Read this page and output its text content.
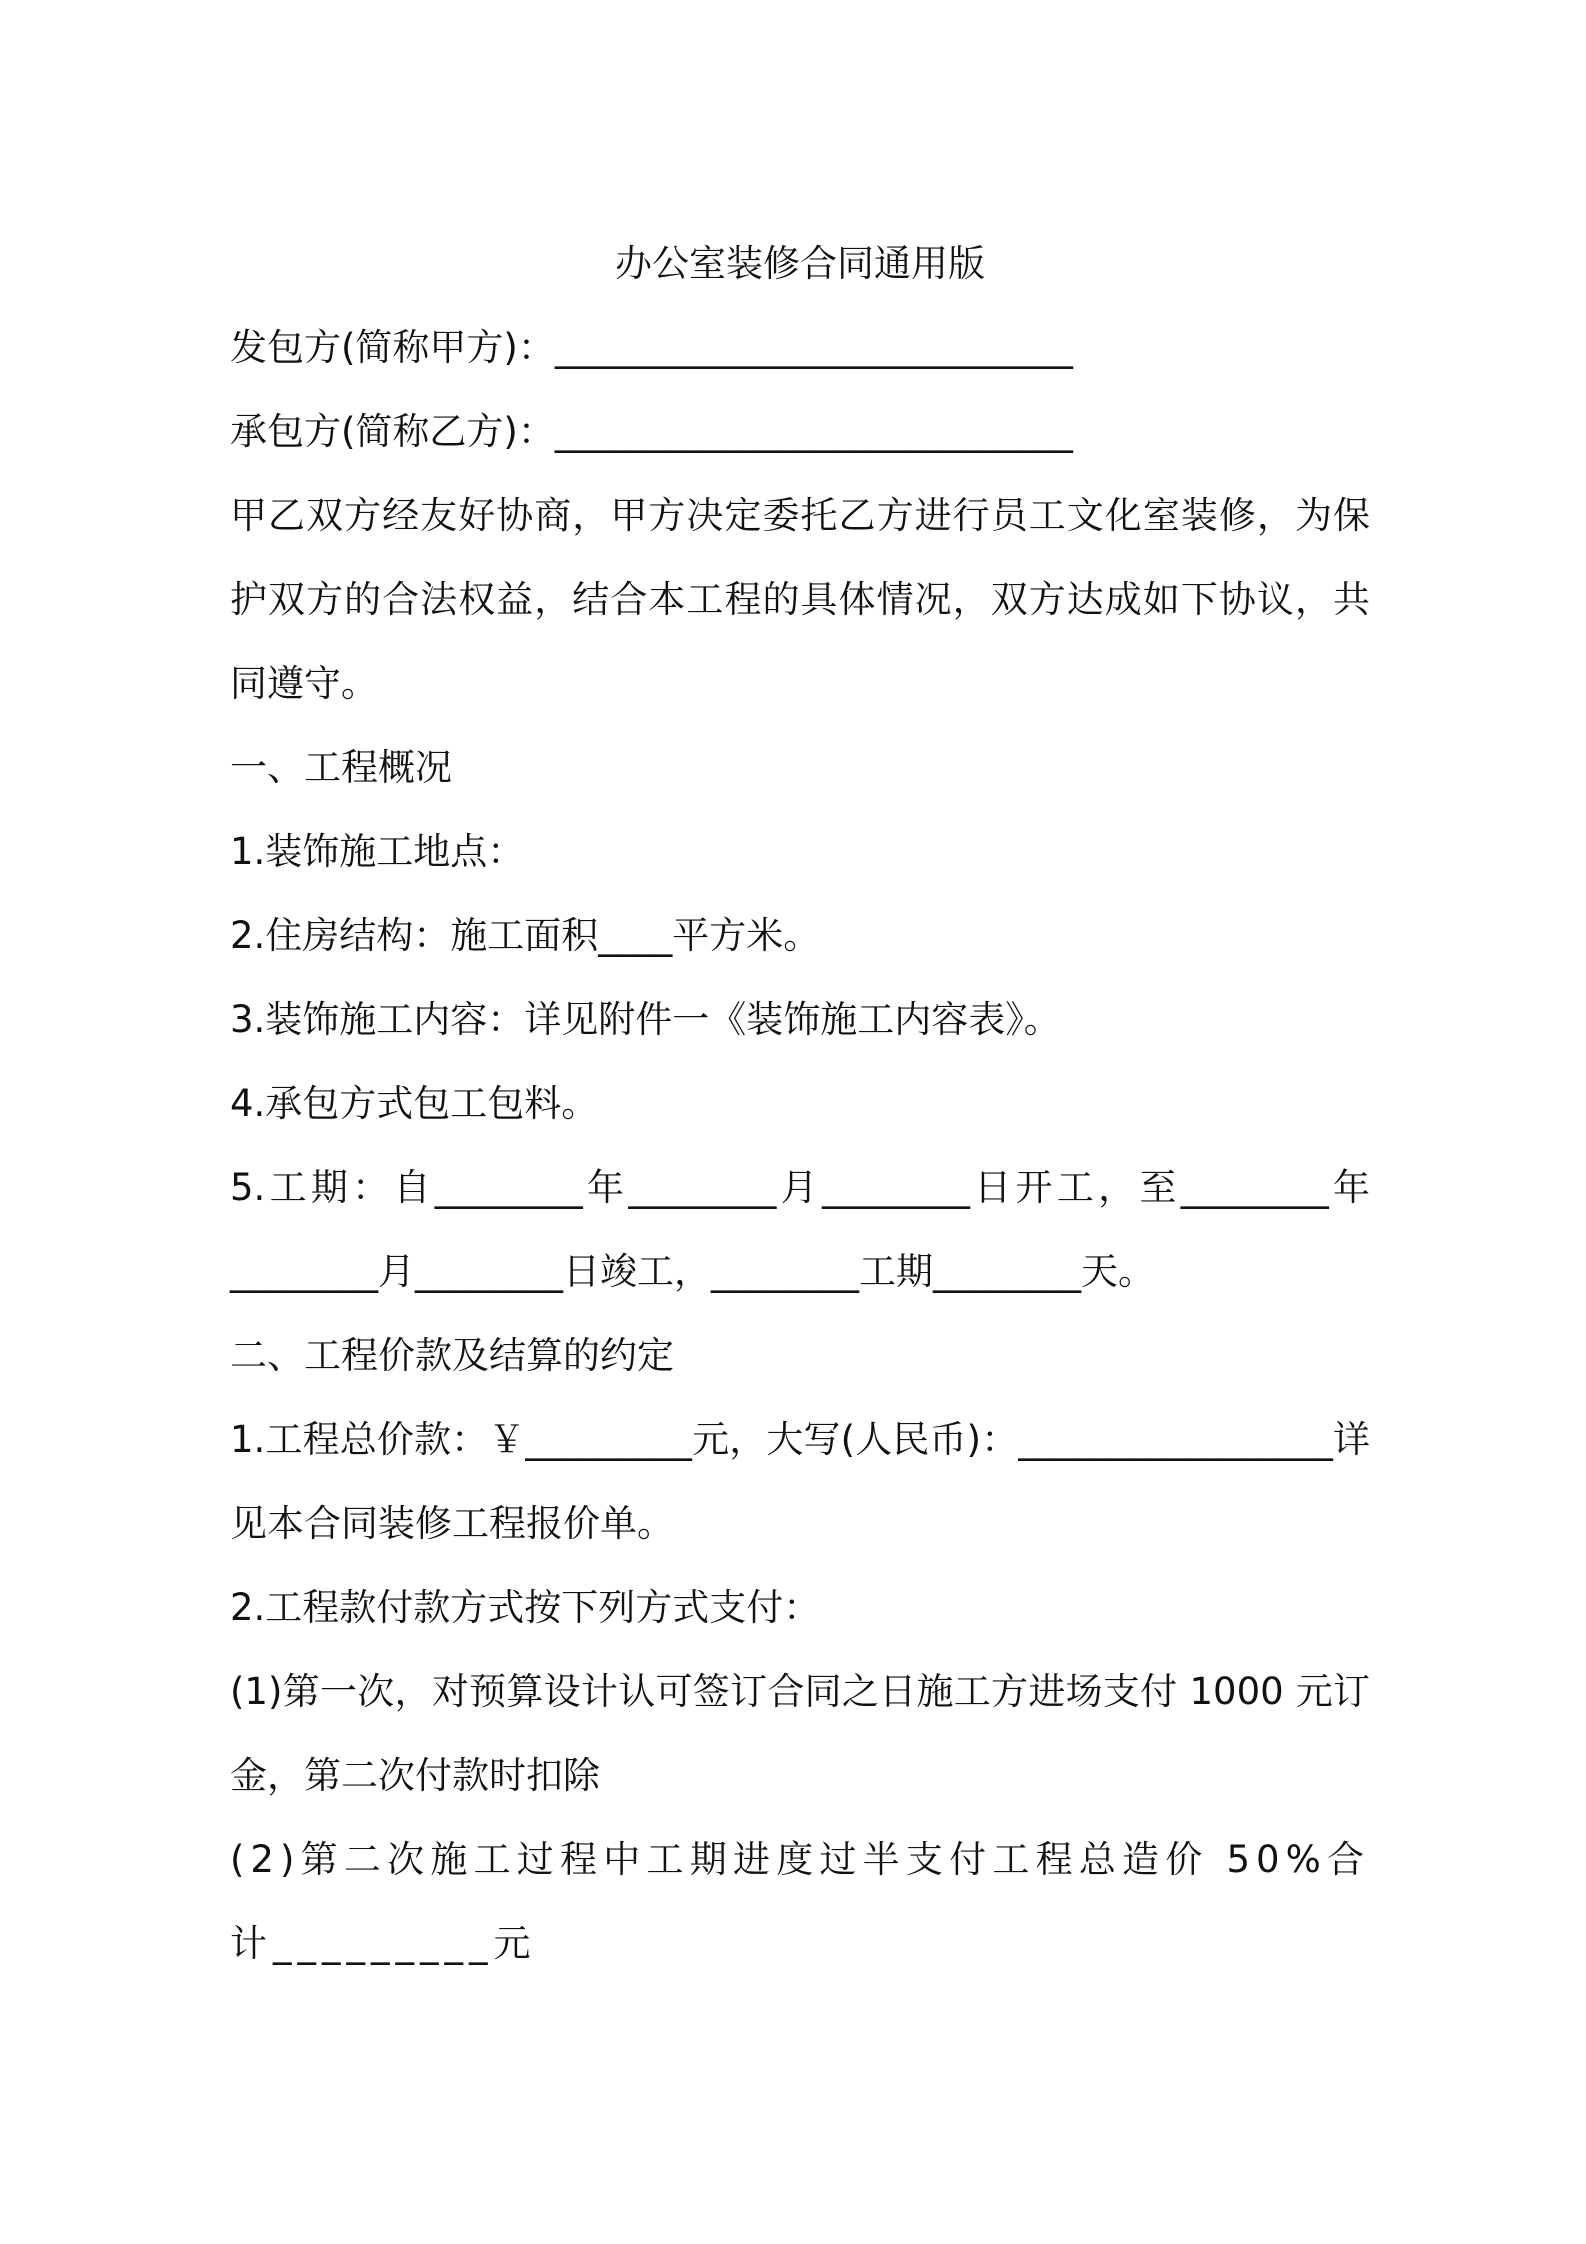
办公室装修合同通用版

发包方(简称甲方)：____________________________

承包方(简称乙方)：____________________________

甲乙双方经友好协商，甲方决定委托乙方进行员工文化室装修，为保护双方的合法权益，结合本工程的具体情况，双方达成如下协议，共同遵守。

一、工程概况

1.装饰施工地点：

2.住房结构：施工面积____平方米。

3.装饰施工内容：详见附件一《装饰施工内容表》。

4.承包方式包工包料。

5.工期：自________年________月________日开工，至________年________月________日竣工，________工期________天。

二、工程价款及结算的约定

1.工程总价款：￥_________元，大写(人民币)：_________________详见本合同装修工程报价单。

2.工程款付款方式按下列方式支付：

(1)第一次，对预算设计认可签订合同之日施工方进场支付 1000 元订金，第二次付款时扣除

(2)第二次施工过程中工期进度过半支付工程总造价 50%合计_________元
